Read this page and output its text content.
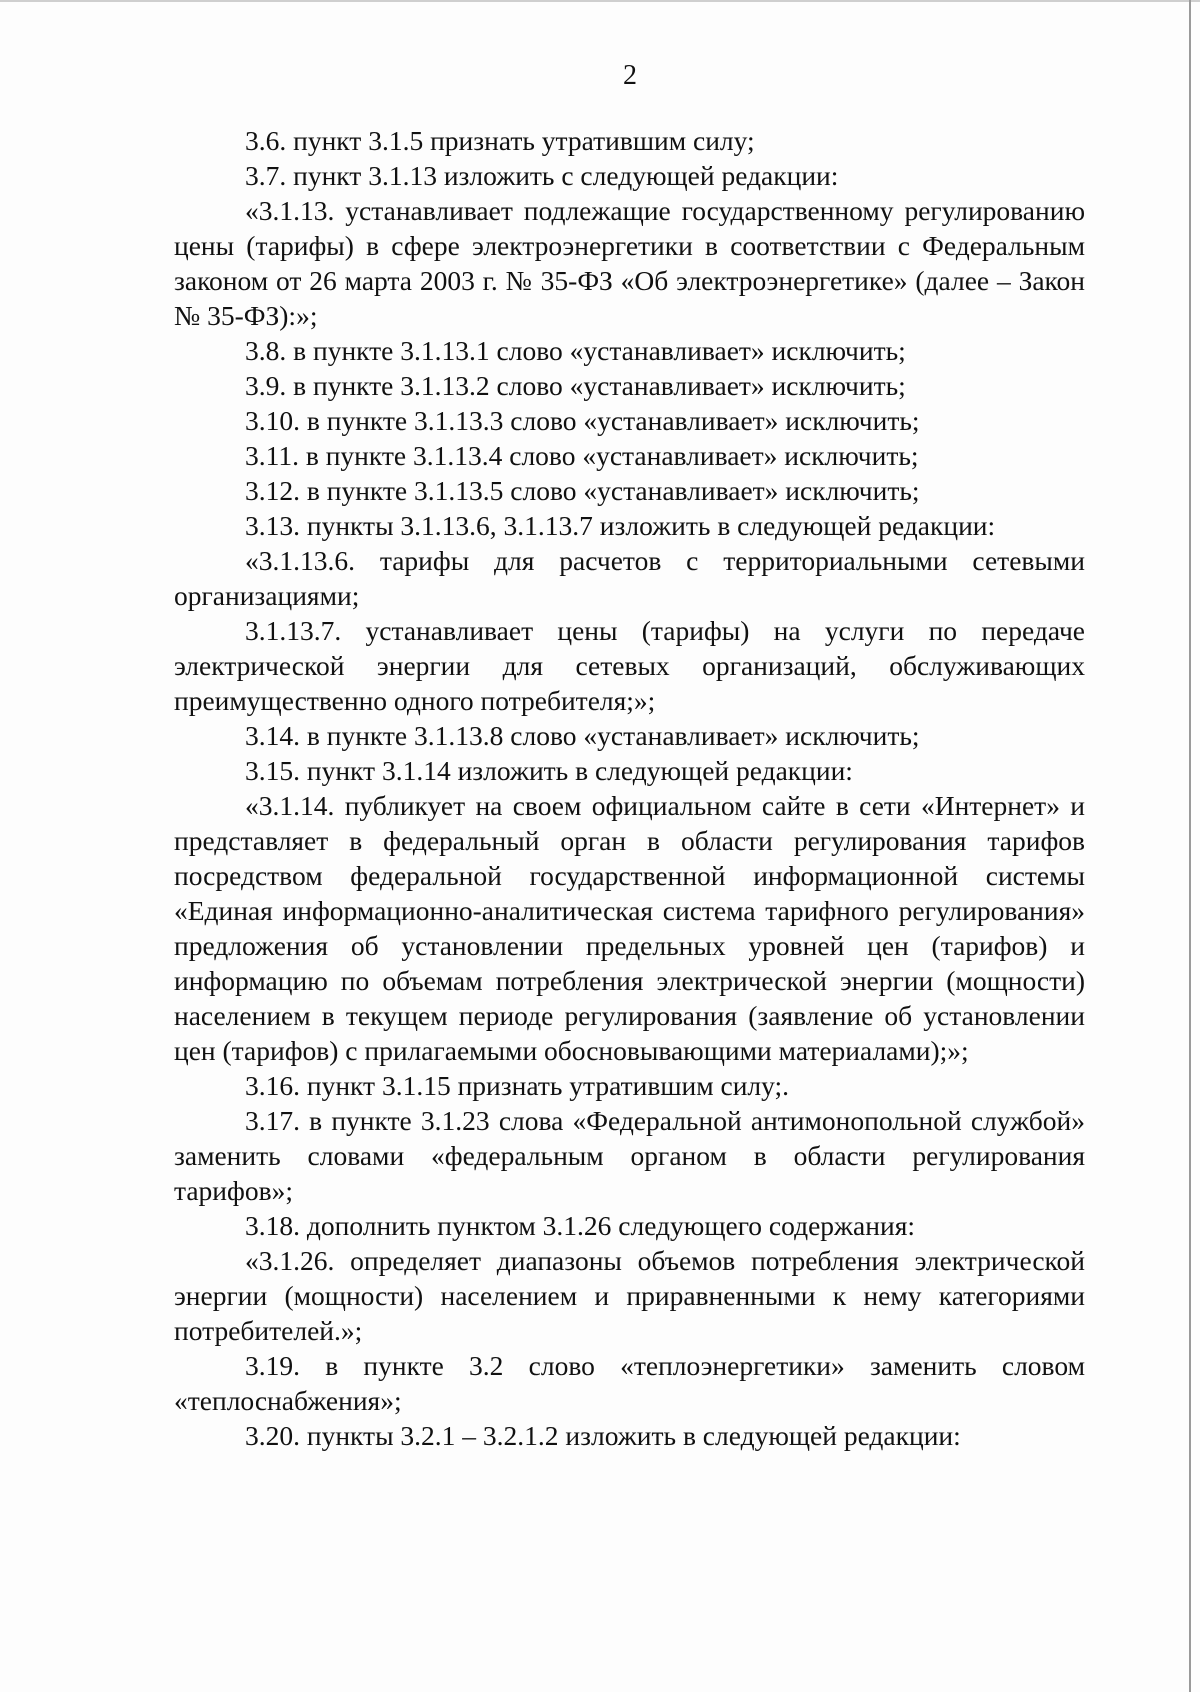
2

3.6. пункт 3.1.5 признать утратившим силу;

3.7. пункт 3.1.13 изложить с следующей редакции:

«3.1.13. устанавливает подлежащие государственному регулированию цены (тарифы) в сфере электроэнергетики в соответствии с Федеральным законом от 26 марта 2003 г. № 35-ФЗ «Об электроэнергетике» (далее – Закон № 35-ФЗ):»;

3.8. в пункте 3.1.13.1 слово «устанавливает» исключить;

3.9. в пункте 3.1.13.2 слово «устанавливает» исключить;

3.10. в пункте 3.1.13.3 слово «устанавливает» исключить;

3.11. в пункте 3.1.13.4 слово «устанавливает» исключить;

3.12. в пункте 3.1.13.5 слово «устанавливает» исключить;

3.13. пункты 3.1.13.6, 3.1.13.7 изложить в следующей редакции:

«3.1.13.6. тарифы для расчетов с территориальными сетевыми организациями;

3.1.13.7. устанавливает цены (тарифы) на услуги по передаче электрической энергии для сетевых организаций, обслуживающих преимущественно одного потребителя;»;

3.14. в пункте 3.1.13.8 слово «устанавливает» исключить;

3.15. пункт 3.1.14 изложить в следующей редакции:

«3.1.14. публикует на своем официальном сайте в сети «Интернет» и представляет в федеральный орган в области регулирования тарифов посредством федеральной государственной информационной системы «Единая информационно-аналитическая система тарифного регулирования» предложения об установлении предельных уровней цен (тарифов) и информацию по объемам потребления электрической энергии (мощности) населением в текущем периоде регулирования (заявление об установлении цен (тарифов) с прилагаемыми обосновывающими материалами);»;

3.16. пункт 3.1.15 признать утратившим силу;.

3.17. в пункте 3.1.23 слова «Федеральной антимонопольной службой» заменить словами «федеральным органом в области регулирования тарифов»;

3.18. дополнить пунктом 3.1.26 следующего содержания:

«3.1.26. определяет диапазоны объемов потребления электрической энергии (мощности) населением и приравненными к нему категориями потребителей.»;

3.19. в пункте 3.2 слово «теплоэнергетики» заменить словом «теплоснабжения»;

3.20. пункты 3.2.1 – 3.2.1.2 изложить в следующей редакции:
